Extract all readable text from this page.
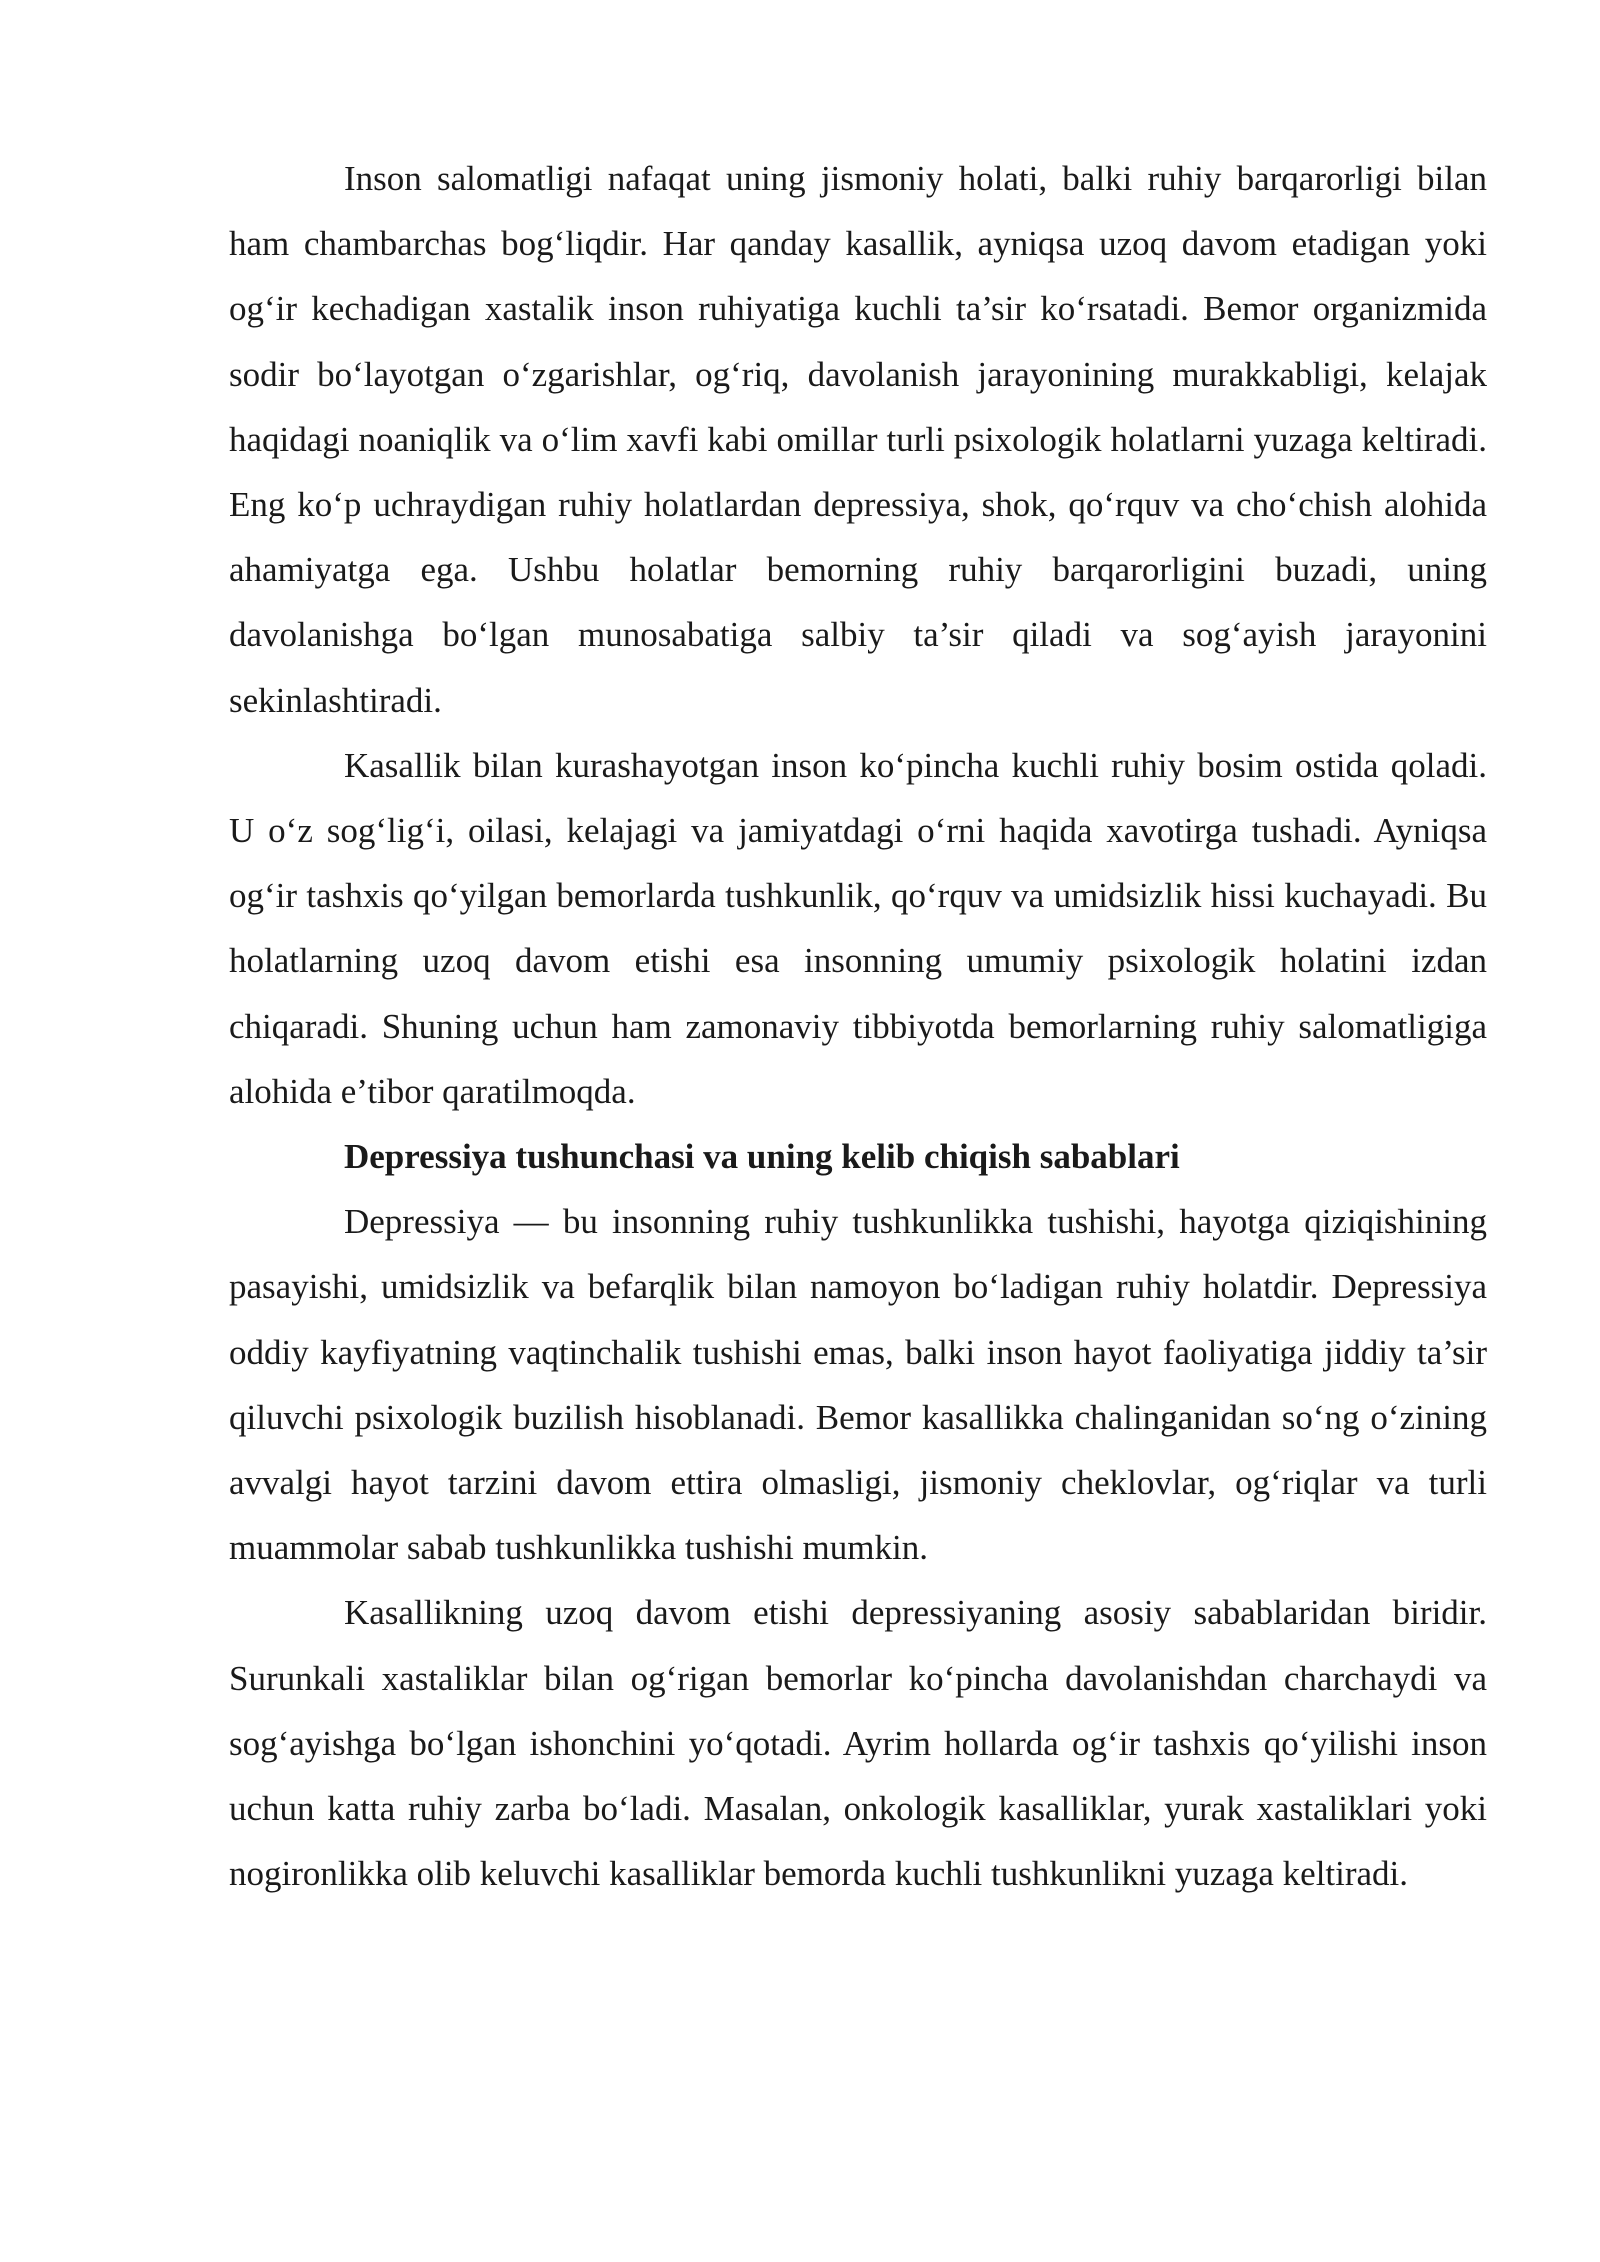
Inson salomatligi nafaqat uning jismoniy holati, balki ruhiy barqarorligi bilan ham chambarchas bog‘liqdir. Har qanday kasallik, ayniqsa uzoq davom etadigan yoki og‘ir kechadigan xastalik inson ruhiyatiga kuchli ta’sir ko‘rsatadi. Bemor organizmida sodir bo‘layotgan o‘zgarishlar, og‘riq, davolanish jarayonining murakkabligi, kelajak haqidagi noaniqlik va o‘lim xavfi kabi omillar turli psixologik holatlarni yuzaga keltiradi. Eng ko‘p uchraydigan ruhiy holatlardan depressiya, shok, qo‘rquv va cho‘chish alohida ahamiyatga ega. Ushbu holatlar bemorning ruhiy barqarorligini buzadi, uning davolanishga bo‘lgan munosabatiga salbiy ta’sir qiladi va sog‘ayish jarayonini sekinlashtiradi.

Kasallik bilan kurashayotgan inson ko‘pincha kuchli ruhiy bosim ostida qoladi. U o‘z sog‘lig‘i, oilasi, kelajagi va jamiyatdagi o‘rni haqida xavotirga tushadi. Ayniqsa og‘ir tashxis qo‘yilgan bemorlarda tushkunlik, qo‘rquv va umidsizlik hissi kuchayadi. Bu holatlarning uzoq davom etishi esa insonning umumiy psixologik holatini izdan chiqaradi. Shuning uchun ham zamonaviy tibbiyotda bemorlarning ruhiy salomatligiga alohida e’tibor qaratilmoqda.

Depressiya tushunchasi va uning kelib chiqish sabablari

Depressiya — bu insonning ruhiy tushkunlikka tushishi, hayotga qiziqishining pasayishi, umidsizlik va befarqlik bilan namoyon bo‘ladigan ruhiy holatdir. Depressiya oddiy kayfiyatning vaqtinchalik tushishi emas, balki inson hayot faoliyatiga jiddiy ta’sir qiluvchi psixologik buzilish hisoblanadi. Bemor kasallikka chalinganidan so‘ng o‘zining avvalgi hayot tarzini davom ettira olmasligi, jismoniy cheklovlar, og‘riqlar va turli muammolar sabab tushkunlikka tushishi mumkin.

Kasallikning uzoq davom etishi depressiyaning asosiy sabablaridan biridir. Surunkali xastaliklar bilan og‘rigan bemorlar ko‘pincha davolanishdan charchaydi va sog‘ayishga bo‘lgan ishonchini yo‘qotadi. Ayrim hollarda og‘ir tashxis qo‘yilishi inson uchun katta ruhiy zarba bo‘ladi. Masalan, onkologik kasalliklar, yurak xastaliklari yoki nogironlikka olib keluvchi kasalliklar bemorda kuchli tushkunlikni yuzaga keltiradi.
